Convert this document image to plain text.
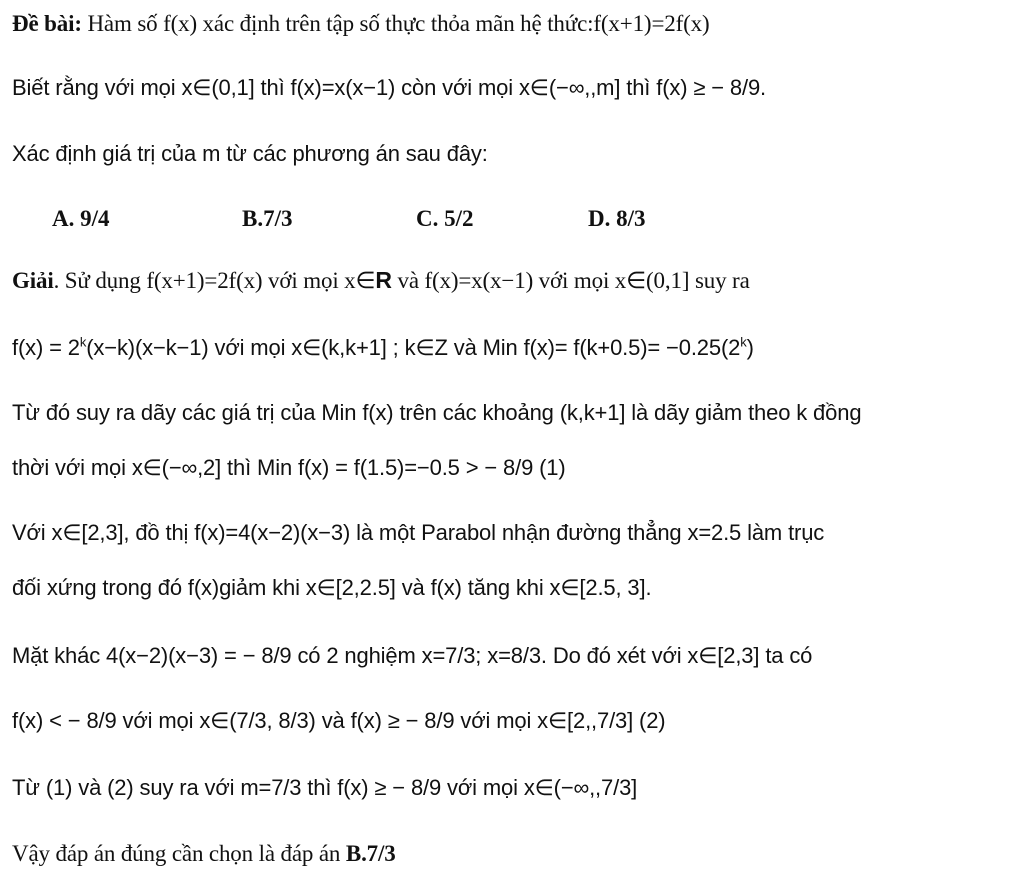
Đề bài: Hàm số f(x) xác định trên tập số thực thỏa mãn hệ thức:f(x+1)=2f(x)
Biết rằng với mọi x∈(0,1] thì f(x)=x(x−1) còn với mọi x∈(−∞,,m] thì f(x) ≥ − 8/9.
Xác định giá trị của m từ các phương án sau đây:
A. 9/4	B.7/3	C. 5/2	D. 8/3
Giải. Sử dụng f(x+1)=2f(x) với mọi x∈R và f(x)=x(x−1) với mọi x∈(0,1] suy ra
$f(x) = 2^k(x-k)(x-k-1)$ với mọi x∈(k,k+1] ; k∈Z và Min $f(x)= f(k+0.5)= -0.25(2^k)$
Từ đó suy ra dãy các giá trị của Min f(x) trên các khoảng (k,k+1] là dãy giảm theo k đồng
thời với mọi x∈(−∞,2] thì Min f(x) = f(1.5)=−0.5 > − 8/9 (1)
Với x∈[2,3], đồ thị f(x)=4(x−2)(x−3) là một Parabol nhận đường thẳng x=2.5 làm trục
đối xứng trong đó f(x)giảm khi x∈[2,2.5] và f(x) tăng khi x∈[2.5, 3].
Mặt khác 4(x−2)(x−3) = − 8/9 có 2 nghiệm x=7/3; x=8/3. Do đó xét với x∈[2,3] ta có
f(x) < − 8/9 với mọi x∈(7/3, 8/3) và f(x) ≥ − 8/9 với mọi x∈[2,,7/3] (2)
Từ (1) và (2) suy ra với m=7/3 thì f(x) ≥ − 8/9 với mọi x∈(−∞,,7/3]
Vậy đáp án đúng cần chọn là đáp án B.7/3
